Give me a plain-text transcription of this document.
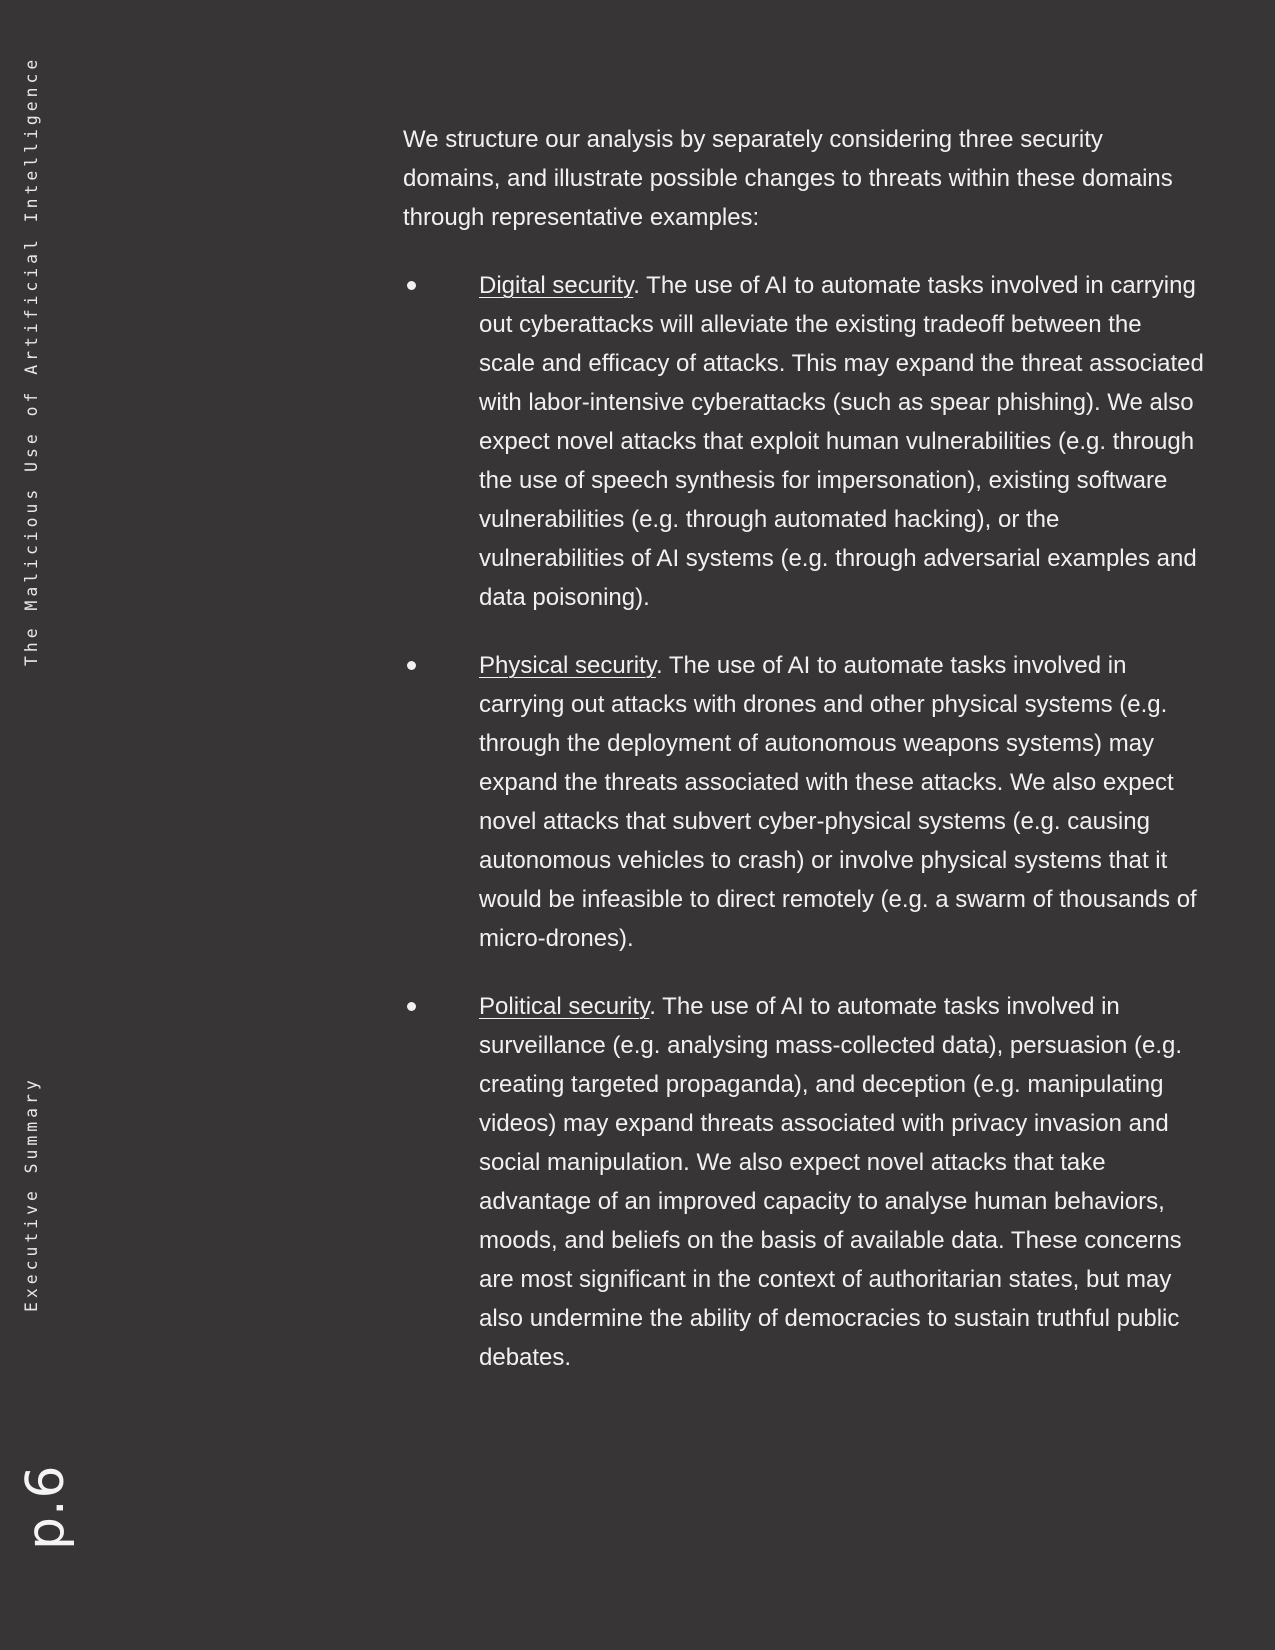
The Malicious Use of Artificial Intelligence
Executive Summary
p.6

We structure our analysis by separately considering three security domains, and illustrate possible changes to threats within these domains through representative examples:

Digital security. The use of AI to automate tasks involved in carrying out cyberattacks will alleviate the existing tradeoff between the scale and efficacy of attacks. This may expand the threat associated with labor-intensive cyberattacks (such as spear phishing). We also expect novel attacks that exploit human vulnerabilities (e.g. through the use of speech synthesis for impersonation), existing software vulnerabilities (e.g. through automated hacking), or the vulnerabilities of AI systems (e.g. through adversarial examples and data poisoning).
Physical security. The use of AI to automate tasks involved in carrying out attacks with drones and other physical systems (e.g. through the deployment of autonomous weapons systems) may expand the threats associated with these attacks. We also expect novel attacks that subvert cyber-physical systems (e.g. causing autonomous vehicles to crash) or involve physical systems that it would be infeasible to direct remotely (e.g. a swarm of thousands of micro-drones).
Political security. The use of AI to automate tasks involved in surveillance (e.g. analysing mass-collected data), persuasion (e.g. creating targeted propaganda), and deception (e.g. manipulating videos) may expand threats associated with privacy invasion and social manipulation. We also expect novel attacks that take advantage of an improved capacity to analyse human behaviors, moods, and beliefs on the basis of available data. These concerns are most significant in the context of authoritarian states, but may also undermine the ability of democracies to sustain truthful public debates.
